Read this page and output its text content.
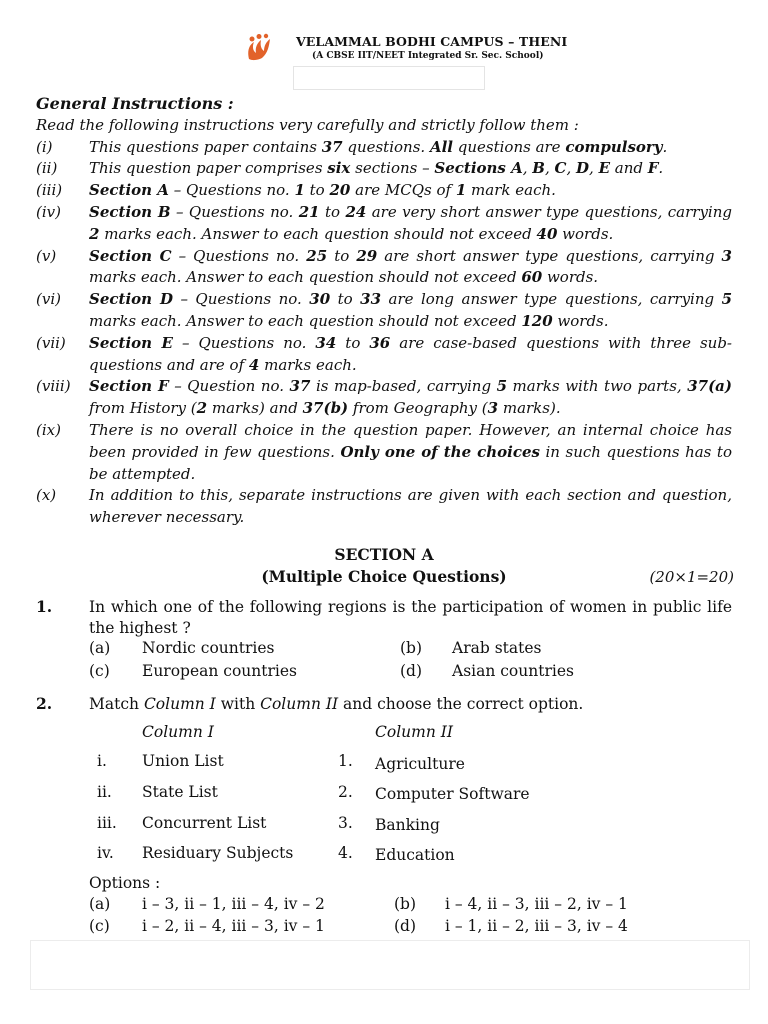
VELAMMAL BODHI CAMPUS – THENI
(A CBSE IIT/NEET Integrated Sr. Sec. School)
General Instructions :
Read the following instructions very carefully and strictly follow them :
(i)	This questions paper contains 37 questions. All questions are compulsory.
(ii)	This question paper comprises six sections – Sections A, B, C, D, E and F.
(iii)	Section A – Questions no. 1 to 20 are MCQs of 1 mark each.
(iv)	Section B – Questions no. 21 to 24 are very short answer type questions, carrying 2 marks each. Answer to each question should not exceed 40 words.
(v)	Section C – Questions no. 25 to 29 are short answer type questions, carrying 3 marks each. Answer to each question should not exceed 60 words.
(vi)	Section D – Questions no. 30 to 33 are long answer type questions, carrying 5 marks each. Answer to each question should not exceed 120 words.
(vii)	Section E – Questions no. 34 to 36 are case-based questions with three sub-questions and are of 4 marks each.
(viii)	Section F – Question no. 37 is map-based, carrying 5 marks with two parts, 37(a) from History (2 marks) and 37(b) from Geography (3 marks).
(ix)	There is no overall choice in the question paper. However, an internal choice has been provided in few questions. Only one of the choices in such questions has to be attempted.
(x)	In addition to this, separate instructions are given with each section and question, wherever necessary.
SECTION A
(Multiple Choice Questions)	(20×1=20)
1. In which one of the following regions is the participation of women in public life the highest ?
(a) Nordic countries	(b) Arab states
(c) European countries	(d) Asian countries
2. Match Column I with Column II and choose the correct option.
Column I	Column II
i. Union List	1. Agriculture
ii. State List	2. Computer Software
iii. Concurrent List	3. Banking
iv. Residuary Subjects	4. Education
Options :
(a) i – 3, ii – 1, iii – 4, iv – 2	(b) i – 4, ii – 3, iii – 2, iv – 1
(c) i – 2, ii – 4, iii – 3, iv – 1	(d) i – 1, ii – 2, iii – 3, iv – 4
